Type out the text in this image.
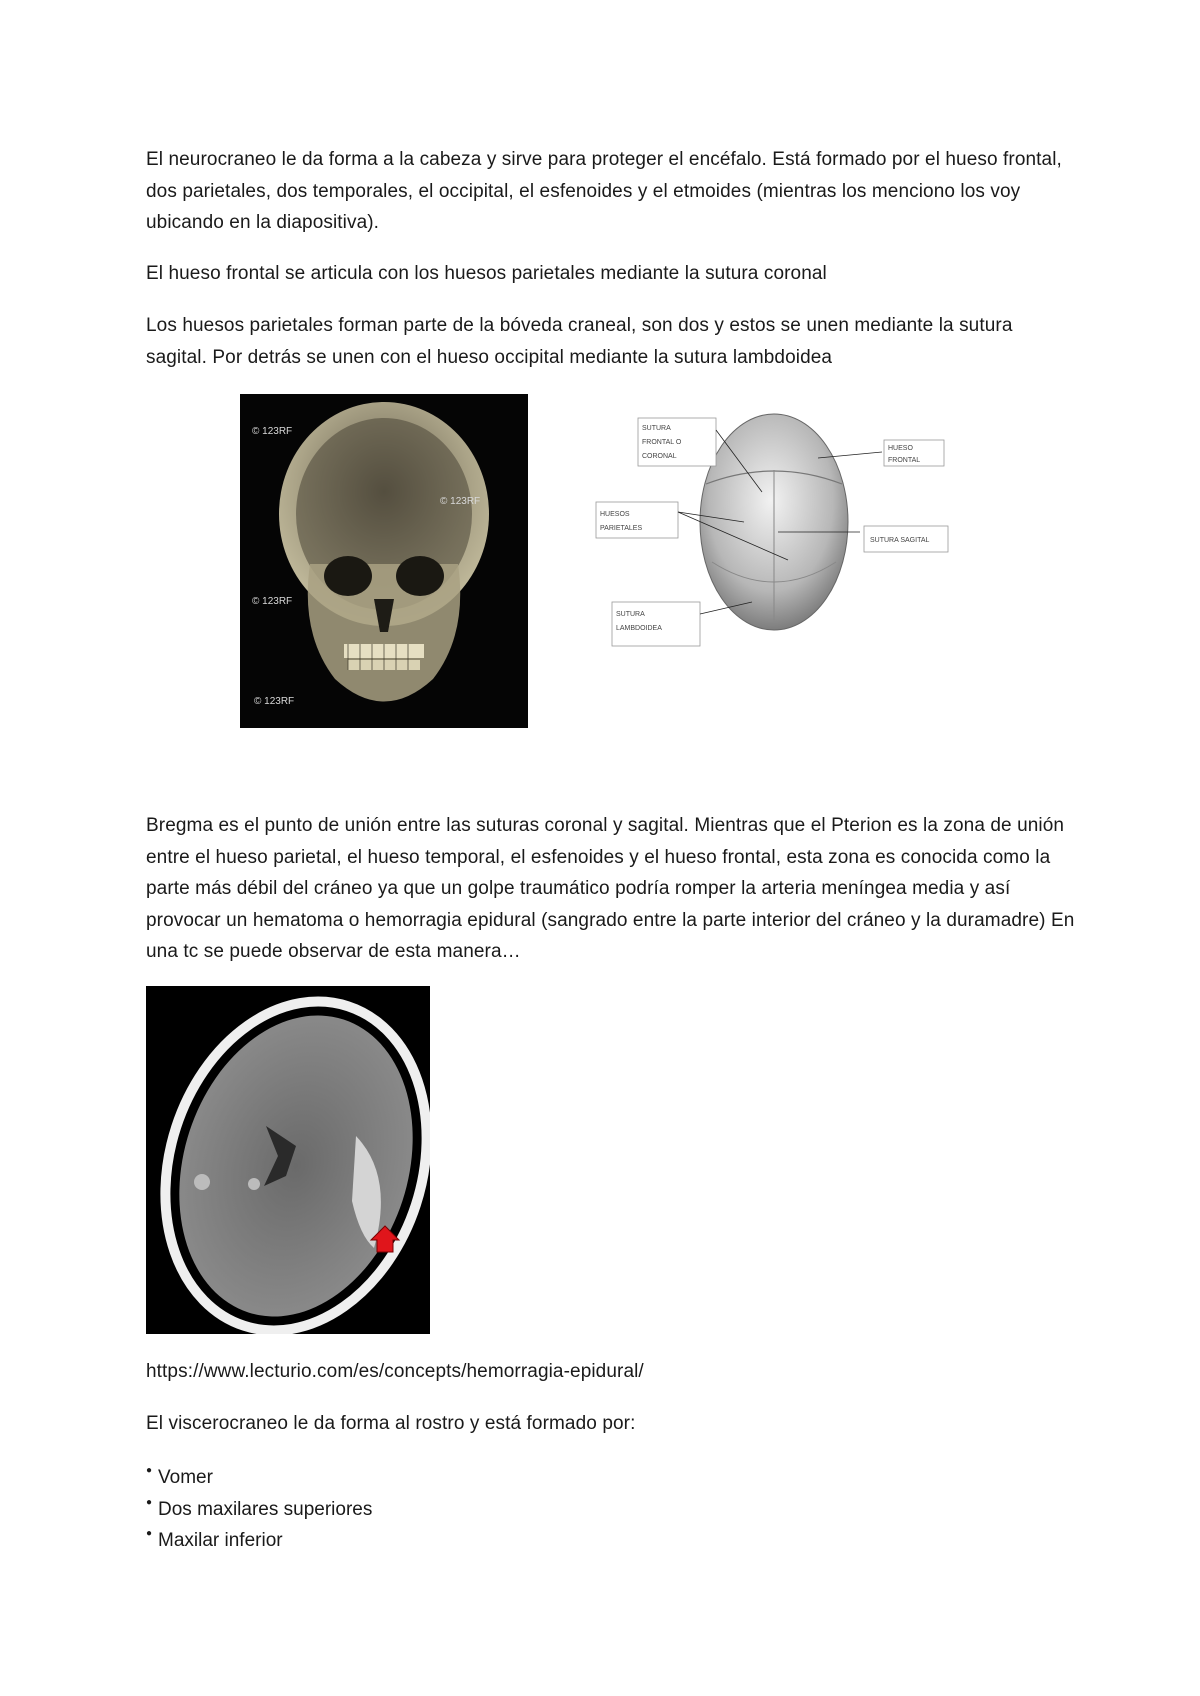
El neurocraneo le da forma a la cabeza y sirve para proteger el encéfalo. Está formado por el hueso frontal, dos parietales, dos temporales, el occipital, el esfenoides y el etmoides (mientras los menciono los voy ubicando en la diapositiva).

El hueso frontal se articula con los huesos parietales mediante la sutura coronal

Los huesos parietales forman parte de la bóveda craneal, son dos y estos se unen mediante la sutura sagital. Por detrás se unen con el hueso occipital mediante la sutura lambdoidea

© 123RF
© 123RF
© 123RF
© 123RF
SUTURA
FRONTAL O
CORONAL
HUESO
FRONTAL
HUESOS
PARIETALES
SUTURA SAGITAL
SUTURA
LAMBDOIDEA

Bregma es el punto de unión entre las suturas coronal y sagital. Mientras que el Pterion es la zona de unión entre el hueso parietal, el hueso temporal, el esfenoides y el hueso frontal, esta zona es conocida como la parte más débil del cráneo ya que un golpe traumático podría romper la arteria meníngea media y así provocar un hematoma o hemorragia epidural (sangrado entre la parte interior del cráneo y la duramadre) En una tc se puede observar de esta manera…

https://www.lecturio.com/es/concepts/hemorragia-epidural/

El viscerocraneo le da forma al rostro y está formado por:

● Vomer
● Dos maxilares superiores
● Maxilar inferior
